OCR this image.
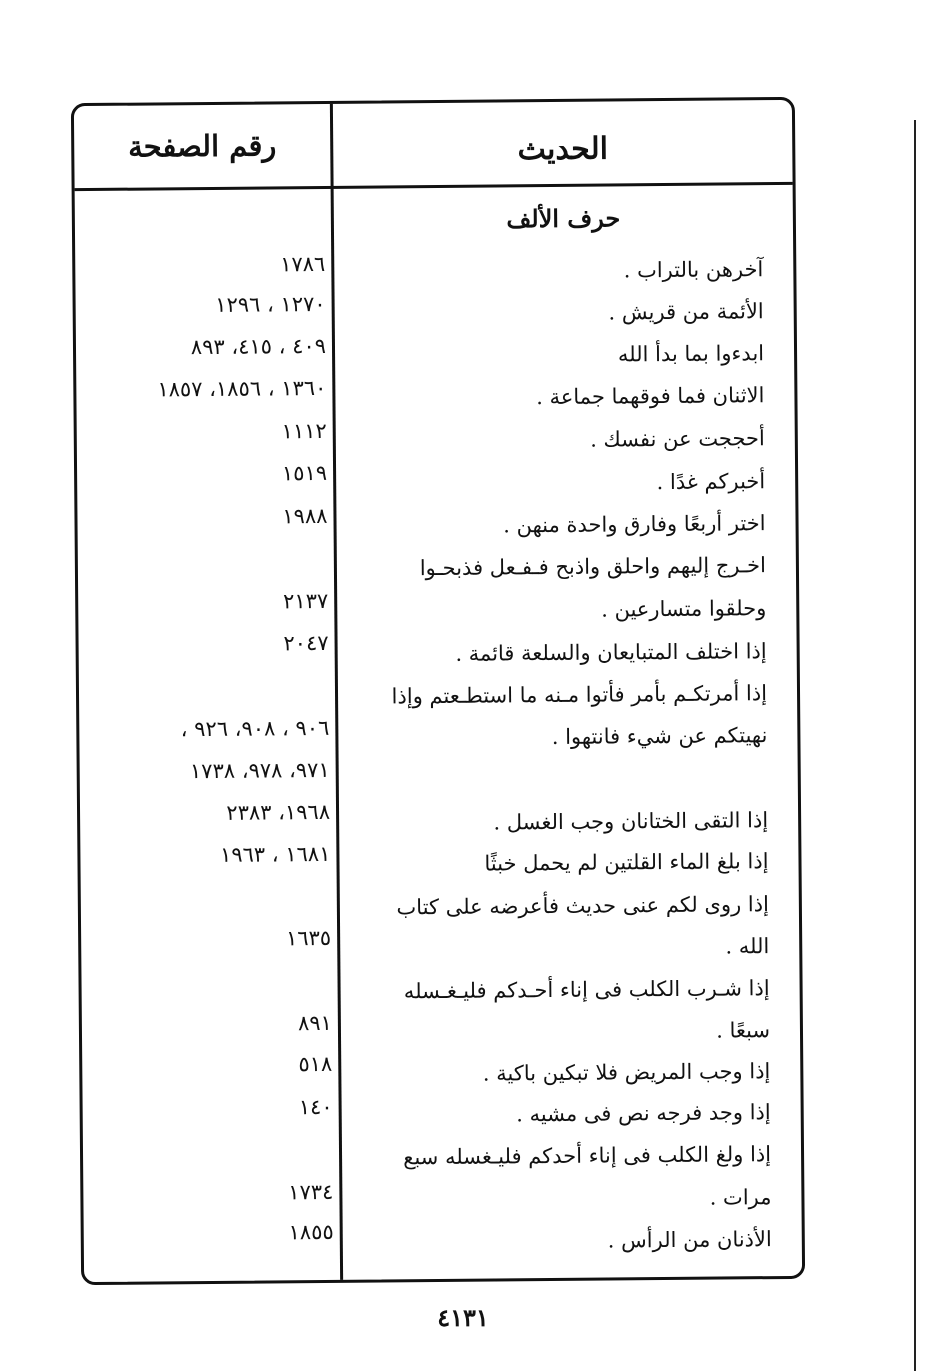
الحديث
رقم الصفحة
حرف الألف
آخرهن بالتراب .
الأئمة من قريش .
ابدءوا بما بدأ الله
الاثنان فما فوقهما جماعة .
أحججت عن نفسك .
أخبركم غدًا .
اختر أربعًا وفارق واحدة منهن .
اخـرج إليهم واحلق واذبح فـفـعل فذبحـوا
وحلقوا متسارعين .
إذا اختلف المتبايعان والسلعة قائمة .
إذا أمرتكـم بأمر فأتوا مـنه ما استطـعتم وإذا
نهيتكم عن شيء فانتهوا .
إذا التقى الختانان وجب الغسل .
إذا بلغ الماء القلتين لم يحمل خبثًا
إذا روى لكم عنى حديث فأعرضه على كتاب
الله .
إذا شـرب الكلب فى إناء أحـدكم فليـغـسله
سبعًا .
إذا وجب المريض فلا تبكين باكية .
إذا وجد فرجه نص فى مشيه .
إذا ولغ الكلب فى إناء أحدكم فليـغسله سبع
مرات .
الأذنان من الرأس .
١٧٨٦
١٢٧٠ ، ١٢٩٦
٤٠٩ ، ٤١٥، ٨٩٣
١٣٦٠ ، ١٨٥٦، ١٨٥٧
١١١٢
١٥١٩
١٩٨٨
٢١٣٧
٢٠٤٧
٩٠٦ ، ٩٠٨، ٩٢٦ ،
٩٧١، ٩٧٨، ١٧٣٨
١٩٦٨، ٢٣٨٣
١٦٨١ ، ١٩٦٣
١٦٣٥
٨٩١
٥١٨
١٤٠
١٧٣٤
١٨٥٥
٤١٣١
